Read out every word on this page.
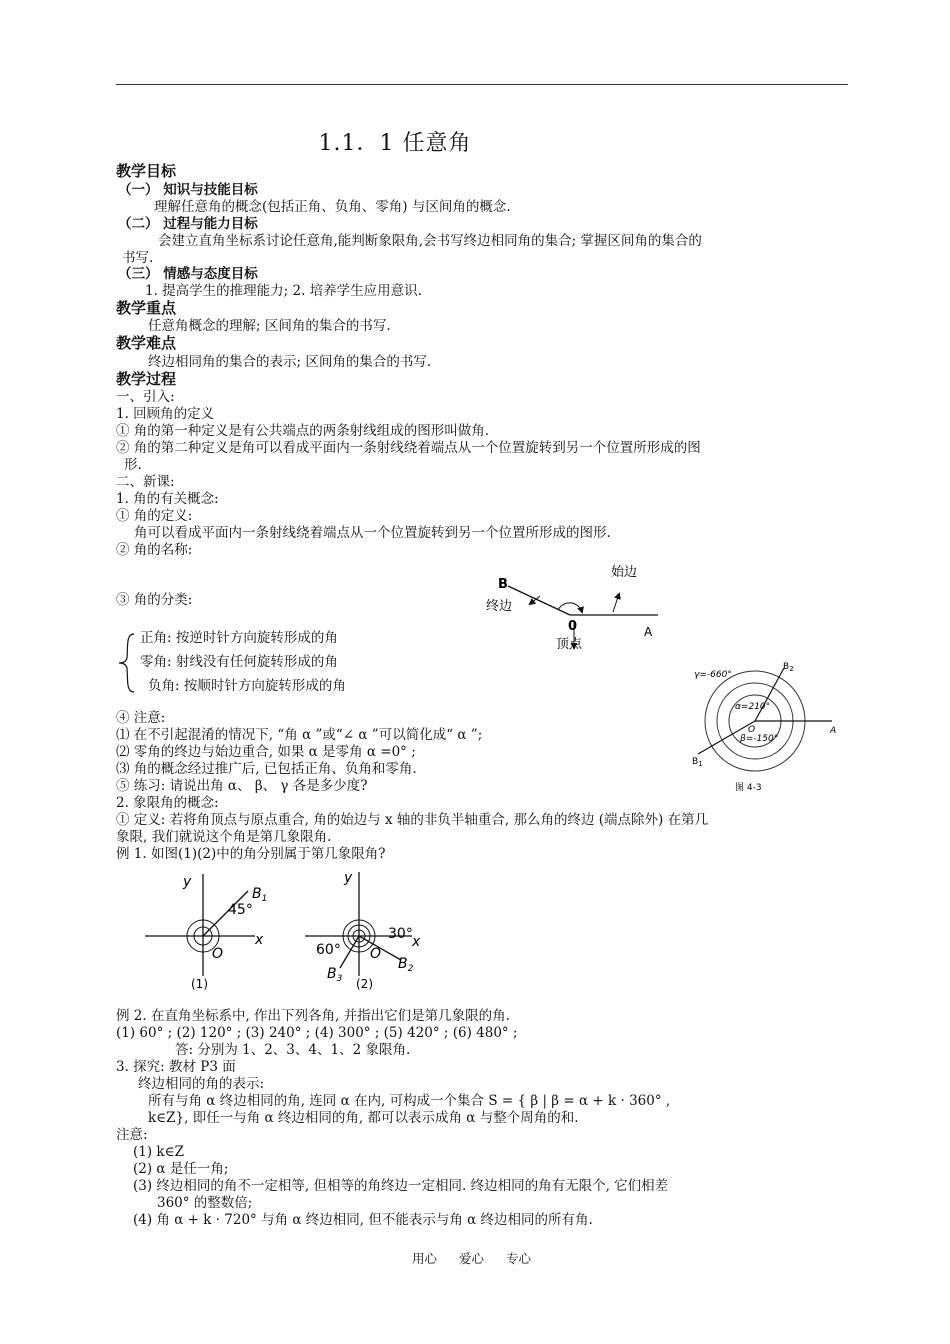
1.1．1 任意角
教学目标
（一） 知识与技能目标
理解任意角的概念(包括正角、负角、零角) 与区间角的概念.
（二） 过程与能力目标
会建立直角坐标系讨论任意角,能判断象限角,会书写终边相同角的集合; 掌握区间角的集合的
书写.
（三） 情感与态度目标
1. 提高学生的推理能力; 2. 培养学生应用意识.
教学重点
任意角概念的理解; 区间角的集合的书写.
教学难点
终边相同角的集合的表示; 区间角的集合的书写.
教学过程
一、引入:
1. 回顾角的定义
① 角的第一种定义是有公共端点的两条射线组成的图形叫做角.
② 角的第二种定义是角可以看成平面内一条射线绕着端点从一个位置旋转到另一个位置所形成的图
形.
二、新课:
1. 角的有关概念:
① 角的定义:
角可以看成平面内一条射线绕着端点从一个位置旋转到另一个位置所形成的图形.
② 角的名称:
③ 角的分类:
正角: 按逆时针方向旋转形成的角
零角: 射线没有任何旋转形成的角
负角: 按顺时针方向旋转形成的角
B
始边
终边
0
顶点
A
γ=-660°
α=210°
β=-150°
$B_2$
$B_1$
O	A
图 4-3
④ 注意:
⑴ 在不引起混淆的情况下, “角 α ”或“∠ α ”可以简化成“ α ”;
⑵ 零角的终边与始边重合, 如果 α 是零角 α =0° ;
⑶ 角的概念经过推广后, 已包括正角、负角和零角.
⑤ 练习: 请说出角 α、 β、 γ 各是多少度?
2. 象限角的概念:
① 定义: 若将角顶点与原点重合, 角的始边与 x 轴的非负半轴重合, 那么角的终边 (端点除外) 在第几
象限, 我们就说这个角是第几象限角.
例 1. 如图(1)(2)中的角分别属于第几象限角?
y
x
O
$B_1$
45°
(1)
y
x
O
30°
60°
$B_3$
$B_2$
(2)
例 2. 在直角坐标系中, 作出下列各角, 并指出它们是第几象限的角.
(1) 60° ; (2) 120° ; (3) 240° ; (4) 300° ; (5) 420° ; (6) 480° ;
答: 分别为 1、2、3、4、1、2 象限角.
3. 探究: 教材 P3 面
终边相同的角的表示:
所有与角 α 终边相同的角, 连同 α 在内, 可构成一个集合 S = { β | β = α + k · 360° ,
k∈Z}, 即任一与角 α 终边相同的角, 都可以表示成角 α 与整个周角的和.
注意:
(1) k∈Z
(2) α 是任一角;
(3) 终边相同的角不一定相等, 但相等的角终边一定相同. 终边相同的角有无限个, 它们相差
360° 的整数倍;
(4) 角 α + k · 720° 与角 α 终边相同, 但不能表示与角 α 终边相同的所有角.
用心 爱心 专心
